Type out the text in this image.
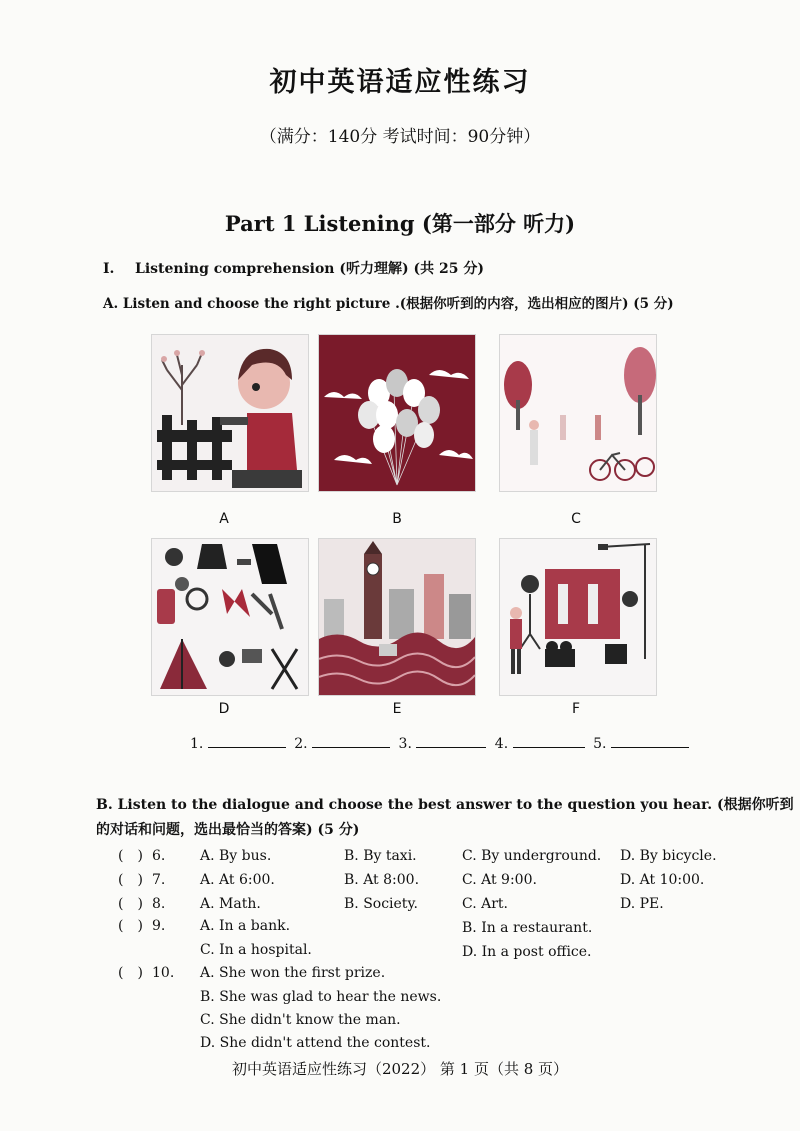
初中英语适应性练习
（满分：140分 考试时间：90分钟）
Part 1 Listening (第一部分 听力)
I. Listening comprehension (听力理解) (共 25 分)
A. Listen and choose the right picture .(根据你听到的内容，选出相应的图片) (5 分)
A	B	C
D	E	F
1.	2.	3.	4.	5.
B. Listen to the dialogue and choose the best answer to the question you hear. (根据你听到的对话和问题，选出最恰当的答案) (5 分)
( ) 6. A. By bus.	B. By taxi.	C. By underground. D. By bicycle.
( ) 7. A. At 6:00.	B. At 8:00.	C. At 9:00.	D. At 10:00.
( ) 8. A. Math.	B. Society.	C. Art.	D. PE.
( ) 9. A. In a bank.	B. In a restaurant.
C. In a hospital.	D. In a post office.
( ) 10. A. She won the first prize.
B. She was glad to hear the news.
C. She didn't know the man.
D. She didn't attend the contest.
初中英语适应性练习（2022） 第 1 页（共 8 页）
